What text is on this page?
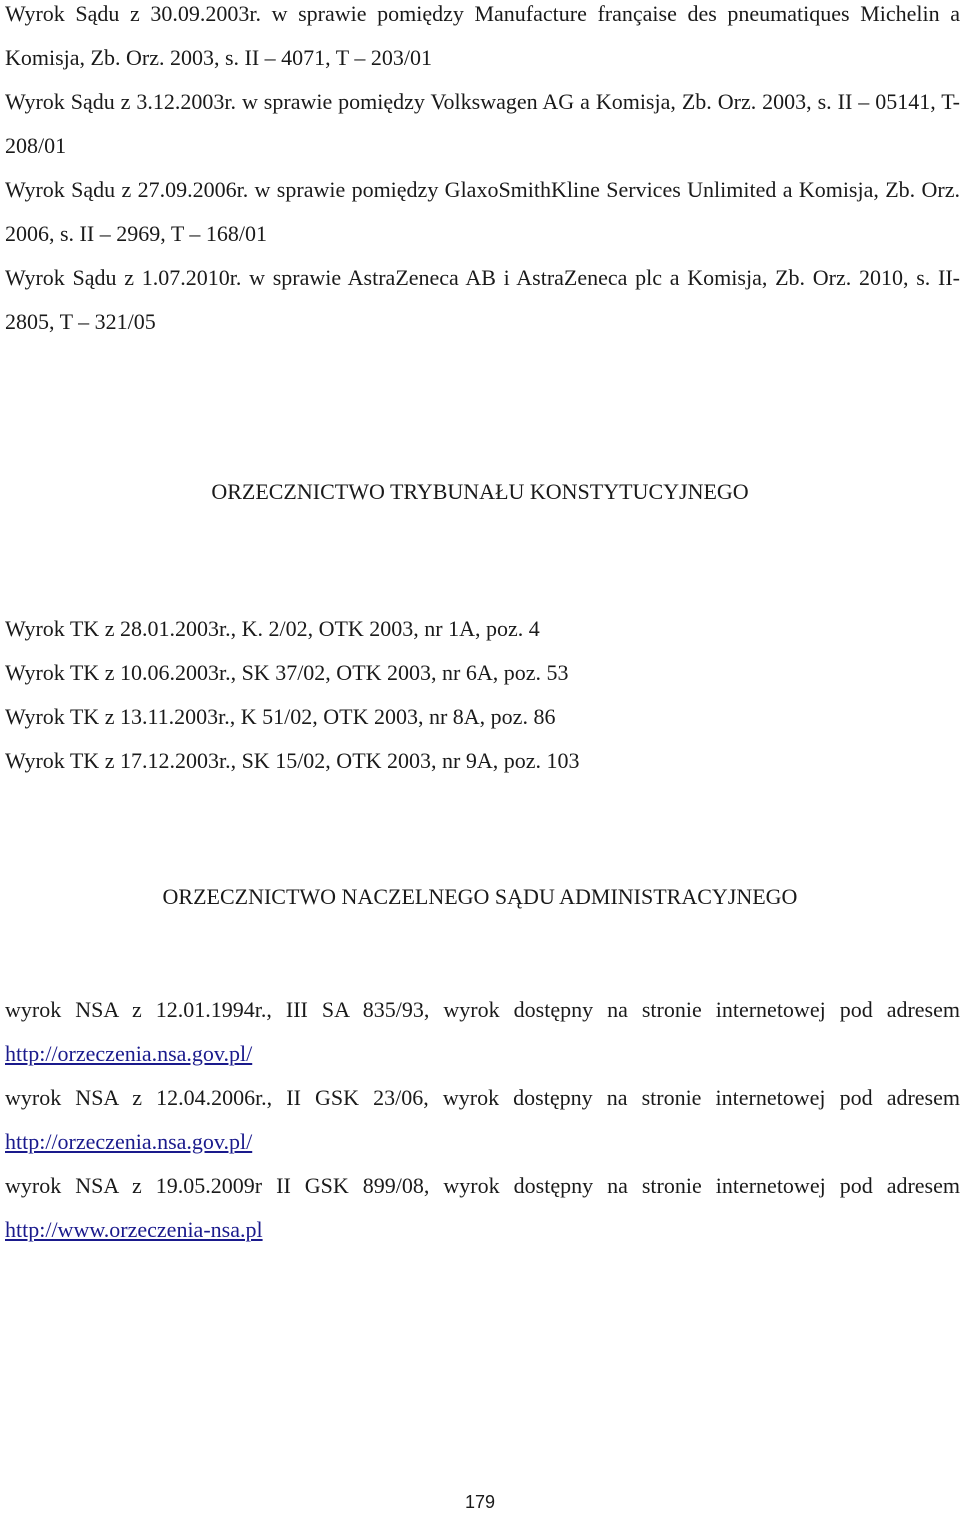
Wyrok Sądu z 30.09.2003r. w sprawie pomiędzy Manufacture française des pneumatiques Michelin a Komisja, Zb. Orz. 2003, s. II – 4071, T – 203/01

Wyrok Sądu z 3.12.2003r. w sprawie pomiędzy Volkswagen AG a Komisja, Zb. Orz. 2003, s. II – 05141, T-208/01

Wyrok Sądu z 27.09.2006r. w sprawie pomiędzy GlaxoSmithKline Services Unlimited a Komisja, Zb. Orz. 2006, s. II – 2969, T – 168/01

Wyrok Sądu z 1.07.2010r. w sprawie AstraZeneca AB i AstraZeneca plc a Komisja, Zb. Orz. 2010, s. II- 2805, T – 321/05

ORZECZNICTWO TRYBUNAŁU KONSTYTUCYJNEGO

Wyrok TK z 28.01.2003r., K. 2/02, OTK 2003, nr 1A, poz. 4

Wyrok TK z 10.06.2003r., SK 37/02, OTK 2003, nr 6A, poz. 53

Wyrok TK z 13.11.2003r., K 51/02, OTK 2003, nr 8A, poz. 86

Wyrok TK z 17.12.2003r., SK 15/02, OTK 2003, nr 9A, poz. 103

ORZECZNICTWO NACZELNEGO SĄDU ADMINISTRACYJNEGO

wyrok NSA z 12.01.1994r., III SA 835/93, wyrok dostępny na stronie internetowej pod adresem http://orzeczenia.nsa.gov.pl/

wyrok NSA z 12.04.2006r., II GSK 23/06, wyrok dostępny na stronie internetowej pod adresem http://orzeczenia.nsa.gov.pl/

wyrok NSA z 19.05.2009r II GSK 899/08, wyrok dostępny na stronie internetowej pod adresem http://www.orzeczenia-nsa.pl

179
